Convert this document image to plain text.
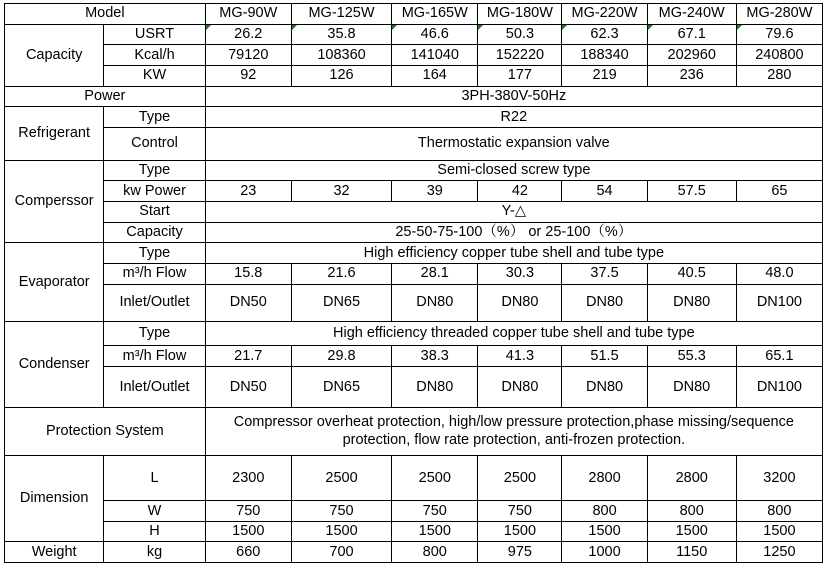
Model		MG-90W	MG-125W	MG-165W	MG-180W	MG-220W	MG-240W	MG-280W
Capacity	USRT	26.2	35.8	46.6	50.3	62.3	67.1	79.6
	Kcal/h	79120	108360	141040	152220	188340	202960	240800
	KW	92	126	164	177	219	236	280
Power		3PH-380V-50Hz						
Refrigerant	Type	R22						
	Control	Thermostatic expansion valve						
Comperssor	Type	Semi-closed screw type						
	kw Power	23	32	39	42	54	57.5	65
	Start	Y-△						
	Capacity	25-50-75-100（%） or 25-100（%）						
Evaporator	Type	High efficiency copper tube shell and tube type						
	m³/h Flow	15.8	21.6	28.1	30.3	37.5	40.5	48.0
	Inlet/Outlet	DN50	DN65	DN80	DN80	DN80	DN80	DN100
Condenser	Type	High efficiency threaded copper tube shell and tube type						
	m³/h Flow	21.7	29.8	38.3	41.3	51.5	55.3	65.1
	Inlet/Outlet	DN50	DN65	DN80	DN80	DN80	DN80	DN100
Protection System		Compressor overheat protection, high/low pressure protection,phase missing/sequence protection, flow rate protection, anti-frozen protection.						
Dimension	L	2300	2500	2500	2500	2800	2800	3200
	W	750	750	750	750	800	800	800
	H	1500	1500	1500	1500	1500	1500	1500
Weight	kg	660	700	800	975	1000	1150	1250
